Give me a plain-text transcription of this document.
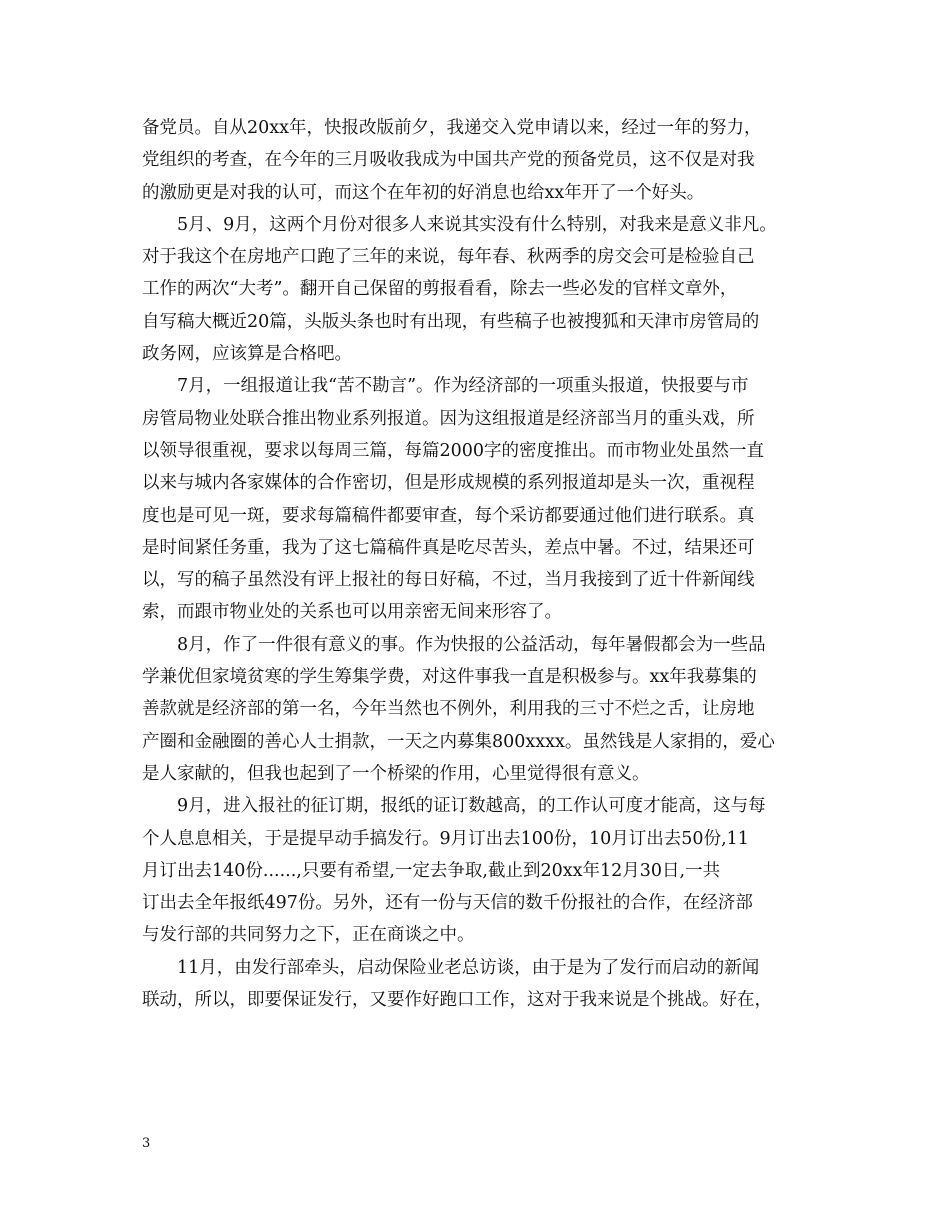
备党员。自从20xx年，快报改版前夕，我递交入党申请以来，经过一年的努力，
党组织的考查，在今年的三月吸收我成为中国共产党的预备党员，这不仅是对我
的激励更是对我的认可，而这个在年初的好消息也给xx年开了一个好头。

　　5月、9月，这两个月份对很多人来说其实没有什么特别，对我来是意义非凡。
对于我这个在房地产口跑了三年的来说，每年春、秋两季的房交会可是检验自己
工作的两次“大考”。翻开自己保留的剪报看看，除去一些必发的官样文章外，
自写稿大概近20篇，头版头条也时有出现，有些稿子也被搜狐和天津市房管局的
政务网，应该算是合格吧。

　　7月，一组报道让我“苦不勘言”。作为经济部的一项重头报道，快报要与市
房管局物业处联合推出物业系列报道。因为这组报道是经济部当月的重头戏，所
以领导很重视，要求以每周三篇，每篇2000字的密度推出。而市物业处虽然一直
以来与城内各家媒体的合作密切，但是形成规模的系列报道却是头一次，重视程
度也是可见一斑，要求每篇稿件都要审查，每个采访都要通过他们进行联系。真
是时间紧任务重，我为了这七篇稿件真是吃尽苦头，差点中暑。不过，结果还可
以，写的稿子虽然没有评上报社的每日好稿，不过，当月我接到了近十件新闻线
索，而跟市物业处的关系也可以用亲密无间来形容了。

　　8月，作了一件很有意义的事。作为快报的公益活动，每年暑假都会为一些品
学兼优但家境贫寒的学生筹集学费，对这件事我一直是积极参与。xx年我募集的
善款就是经济部的第一名，今年当然也不例外，利用我的三寸不烂之舌，让房地
产圈和金融圈的善心人士捐款，一天之内募集800xxxx。虽然钱是人家捐的，爱心
是人家献的，但我也起到了一个桥梁的作用，心里觉得很有意义。

　　9月，进入报社的征订期，报纸的证订数越高，的工作认可度才能高，这与每
个人息息相关，于是提早动手搞发行。9月订出去100份，10月订出去50份,11
月订出去140份......,只要有希望,一定去争取,截止到20xx年12月30日,一共
订出去全年报纸497份。另外，还有一份与天信的数千份报社的合作，在经济部
与发行部的共同努力之下，正在商谈之中。

　　11月，由发行部牵头，启动保险业老总访谈，由于是为了发行而启动的新闻
联动，所以，即要保证发行，又要作好跑口工作，这对于我来说是个挑战。好在，

3
